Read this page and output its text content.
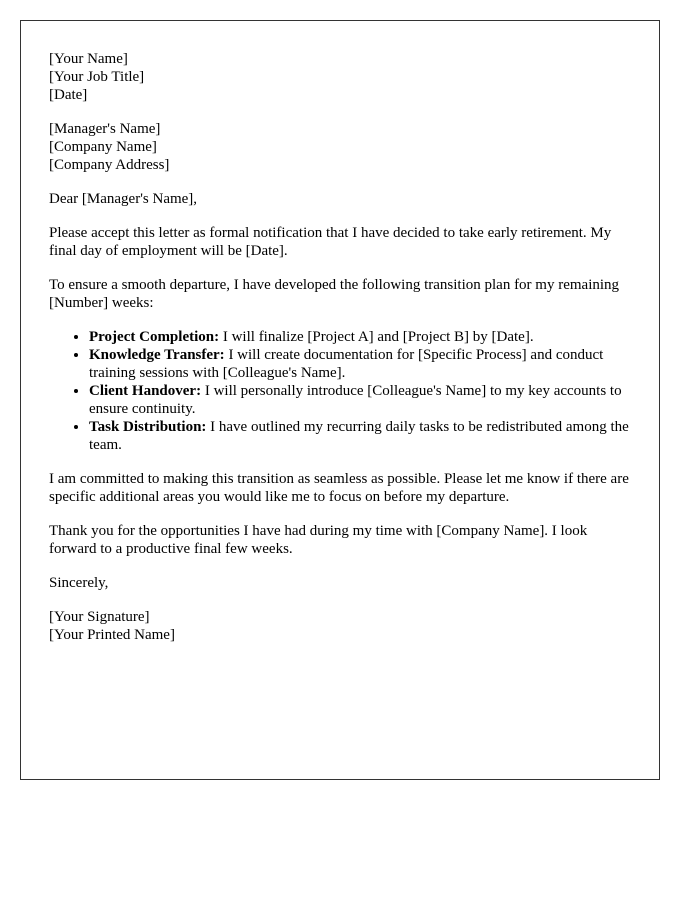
[Your Name]
[Your Job Title]
[Date]
[Manager's Name]
[Company Name]
[Company Address]

Dear [Manager's Name],

Please accept this letter as formal notification that I have decided to take early retirement. My final day of employment will be [Date].

To ensure a smooth departure, I have developed the following transition plan for my remaining [Number] weeks:

• Project Completion: I will finalize [Project A] and [Project B] by [Date].
• Knowledge Transfer: I will create documentation for [Specific Process] and conduct training sessions with [Colleague's Name].
• Client Handover: I will personally introduce [Colleague's Name] to my key accounts to ensure continuity.
• Task Distribution: I have outlined my recurring daily tasks to be redistributed among the team.

I am committed to making this transition as seamless as possible. Please let me know if there are specific additional areas you would like me to focus on before my departure.

Thank you for the opportunities I have had during my time with [Company Name]. I look forward to a productive final few weeks.

Sincerely,

[Your Signature]
[Your Printed Name]
